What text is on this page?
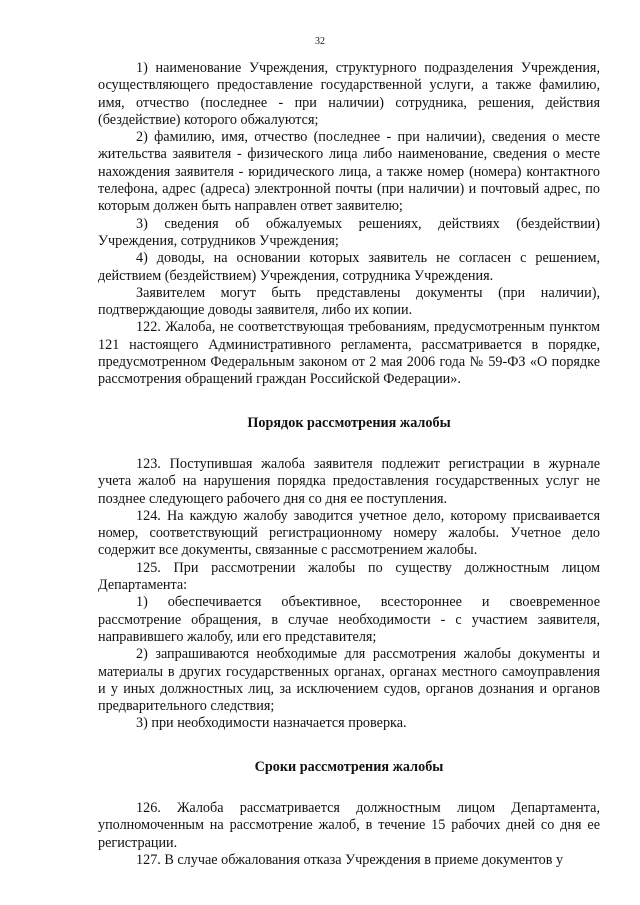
32

1) наименование Учреждения, структурного подразделения Учреждения, осуществляющего предоставление государственной услуги, а также фамилию, имя, отчество (последнее - при наличии) сотрудника, решения, действия (бездействие) которого обжалуются;

2) фамилию, имя, отчество (последнее - при наличии), сведения о месте жительства заявителя - физического лица либо наименование, сведения о месте нахождения заявителя - юридического лица, а также номер (номера) контактного телефона, адрес (адреса) электронной почты (при наличии) и почтовый адрес, по которым должен быть направлен ответ заявителю;

3) сведения об обжалуемых решениях, действиях (бездействии) Учреждения, сотрудников Учреждения;

4) доводы, на основании которых заявитель не согласен с решением, действием (бездействием) Учреждения, сотрудника Учреждения.

Заявителем могут быть представлены документы (при наличии), подтверждающие доводы заявителя, либо их копии.

122. Жалоба, не соответствующая требованиям, предусмотренным пунктом 121 настоящего Административного регламента, рассматривается в порядке, предусмотренном Федеральным законом от 2 мая 2006 года № 59-ФЗ «О порядке рассмотрения обращений граждан Российской Федерации».

Порядок рассмотрения жалобы

123. Поступившая жалоба заявителя подлежит регистрации в журнале учета жалоб на нарушения порядка предоставления государственных услуг не позднее следующего рабочего дня со дня ее поступления.

124. На каждую жалобу заводится учетное дело, которому присваивается номер, соответствующий регистрационному номеру жалобы. Учетное дело содержит все документы, связанные с рассмотрением жалобы.

125. При рассмотрении жалобы по существу должностным лицом Департамента:

1) обеспечивается объективное, всестороннее и своевременное рассмотрение обращения, в случае необходимости - с участием заявителя, направившего жалобу, или его представителя;

2) запрашиваются необходимые для рассмотрения жалобы документы и материалы в других государственных органах, органах местного самоуправления и у иных должностных лиц, за исключением судов, органов дознания и органов предварительного следствия;

3) при необходимости назначается проверка.

Сроки рассмотрения жалобы

126. Жалоба рассматривается должностным лицом Департамента, уполномоченным на рассмотрение жалоб, в течение 15 рабочих дней со дня ее регистрации.

127. В случае обжалования отказа Учреждения в приеме документов у
